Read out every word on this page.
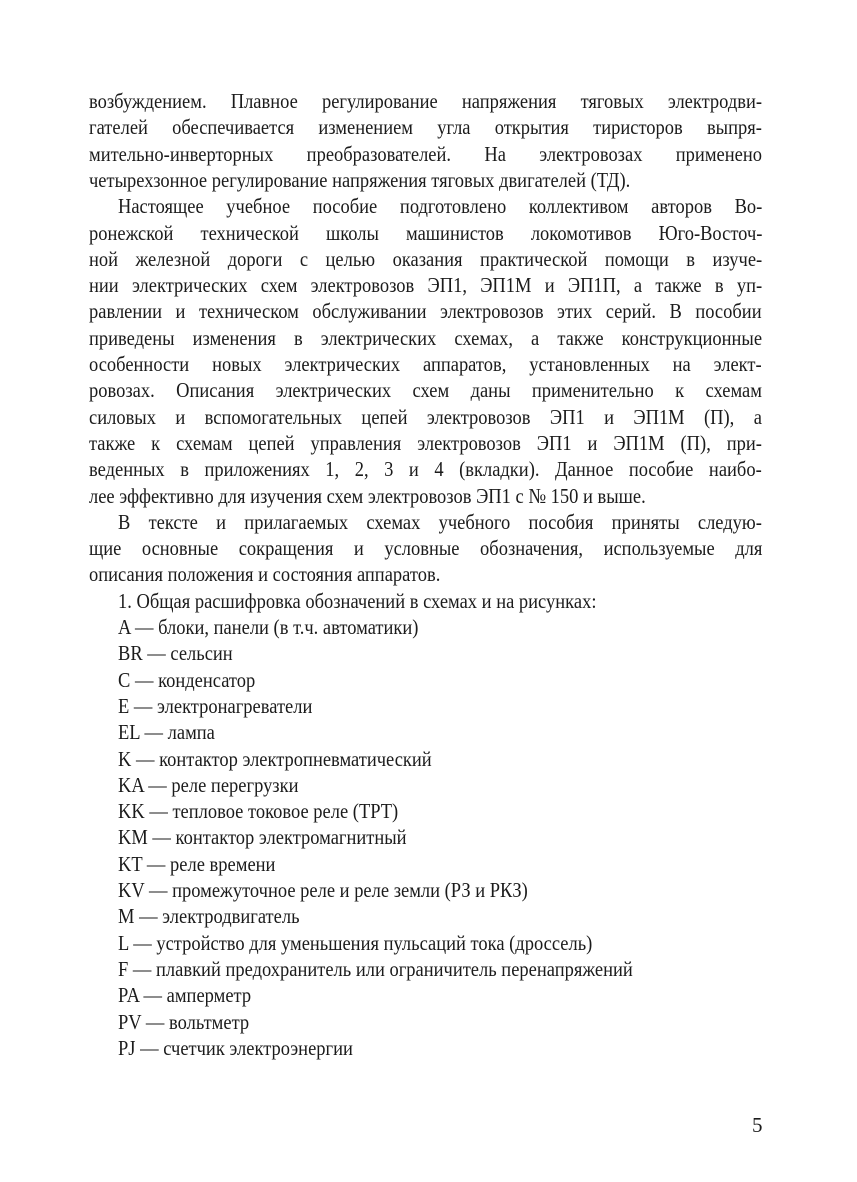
возбуждением. Плавное регулирование напряжения тяговых электродви-
гателей обеспечивается изменением угла открытия тиристоров выпря-
мительно-инверторных преобразователей. На электровозах применено
четырехзонное регулирование напряжения тяговых двигателей (ТД).
Настоящее учебное пособие подготовлено коллективом авторов Во-
ронежской технической школы машинистов локомотивов Юго-Восточ-
ной железной дороги с целью оказания практической помощи в изуче-
нии электрических схем электровозов ЭП1, ЭП1М и ЭП1П, а также в уп-
равлении и техническом обслуживании электровозов этих серий. В пособии
приведены изменения в электрических схемах, а также конструкционные
особенности новых электрических аппаратов, установленных на элект-
ровозах. Описания электрических схем даны применительно к схемам
силовых и вспомогательных цепей электровозов ЭП1 и ЭП1М (П), а
также к схемам цепей управления электровозов ЭП1 и ЭП1М (П), при-
веденных в приложениях 1, 2, 3 и 4 (вкладки). Данное пособие наибо-
лее эффективно для изучения схем электровозов ЭП1 с № 150 и выше.
В тексте и прилагаемых схемах учебного пособия приняты следую-
щие основные сокращения и условные обозначения, используемые для
описания положения и состояния аппаратов.
1. Общая расшифровка обозначений в схемах и на рисунках:
A — блоки, панели (в т.ч. автоматики)
BR — сельсин
C — конденсатор
E — электронагреватели
EL — лампа
K — контактор электропневматический
KA — реле перегрузки
KK — тепловое токовое реле (ТРТ)
KM — контактор электромагнитный
KT — реле времени
KV — промежуточное реле и реле земли (РЗ и РКЗ)
M — электродвигатель
L — устройство для уменьшения пульсаций тока (дроссель)
F — плавкий предохранитель или ограничитель перенапряжений
PA — амперметр
PV — вольтметр
PJ — счетчик электроэнергии
5
